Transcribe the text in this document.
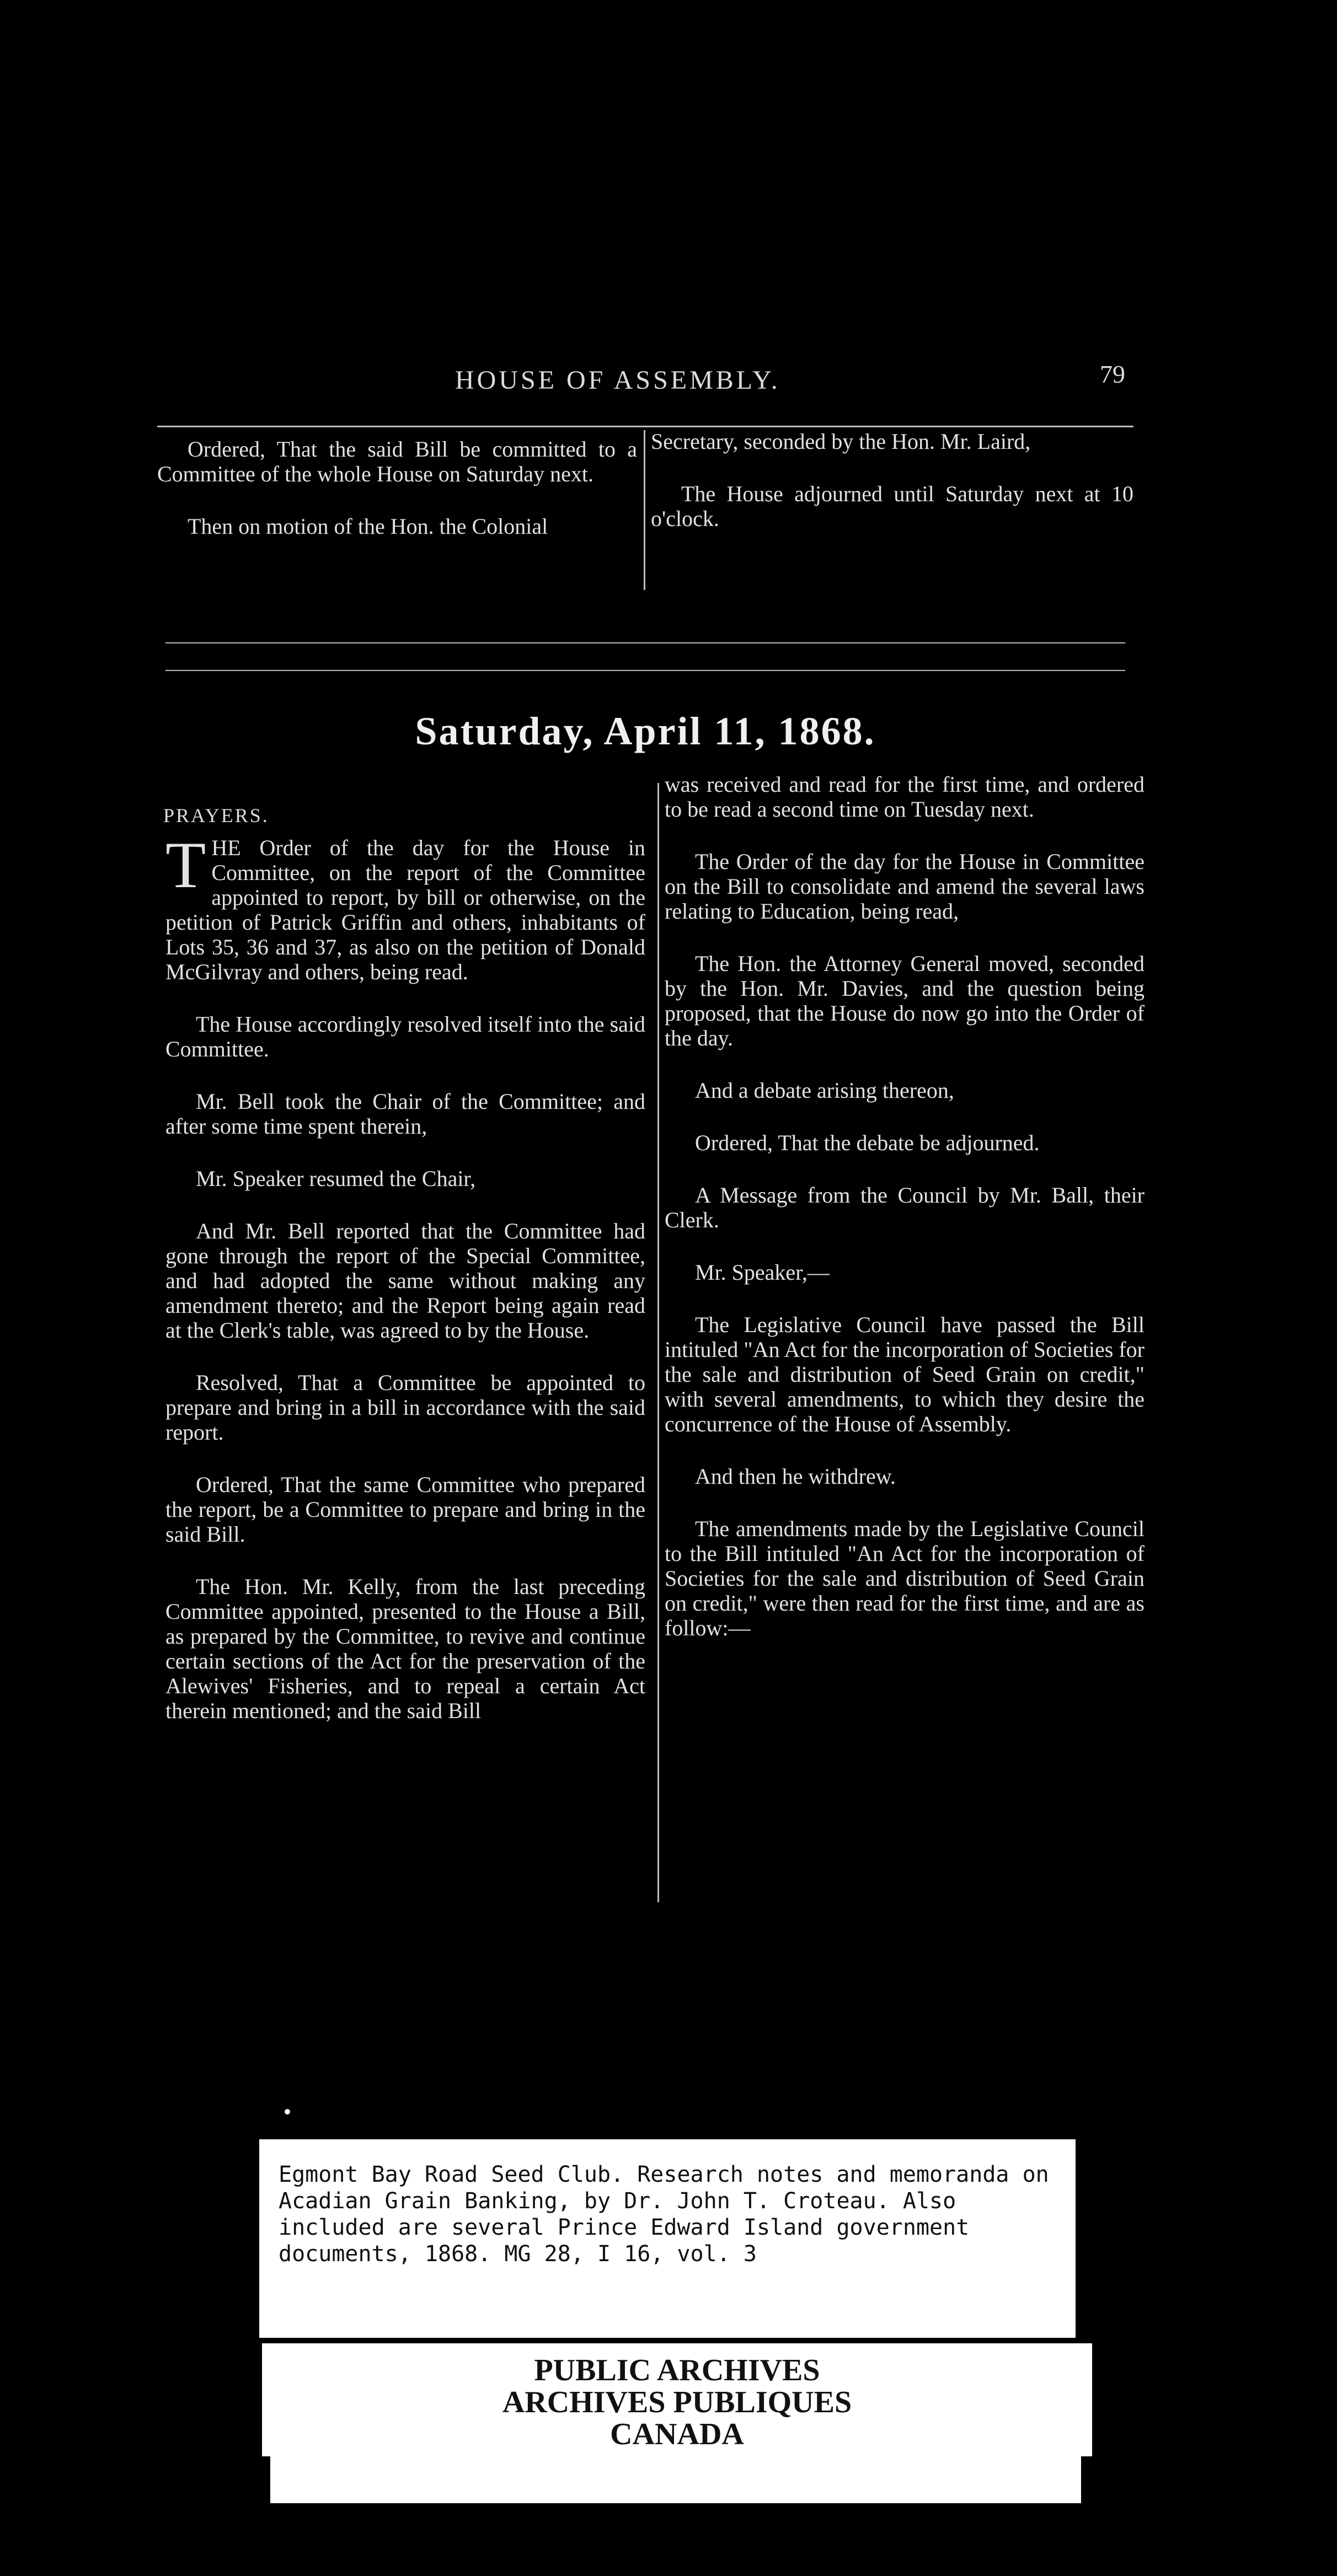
HOUSE OF ASSEMBLY.	79

Ordered, That the said Bill be committed to a Committee of the whole House on Saturday next.

Then on motion of the Hon. the Colonial

Secretary, seconded by the Hon. Mr. Laird,

The House adjourned until Saturday next at 10 o'clock.

Saturday, April 11, 1868.
PRAYERS.

THE Order of the day for the House in Committee, on the report of the Committee appointed to report, by bill or otherwise, on the petition of Patrick Griffin and others, inhabitants of Lots 35, 36 and 37, as also on the petition of Donald McGilvray and others, being read.

The House accordingly resolved itself into the said Committee.

Mr. Bell took the Chair of the Committee; and after some time spent therein,

Mr. Speaker resumed the Chair,

And Mr. Bell reported that the Committee had gone through the report of the Special Committee, and had adopted the same without making any amendment thereto; and the Report being again read at the Clerk's table, was agreed to by the House.

Resolved, That a Committee be appointed to prepare and bring in a bill in accordance with the said report.

Ordered, That the same Committee who prepared the report, be a Committee to prepare and bring in the said Bill.

The Hon. Mr. Kelly, from the last preceding Committee appointed, presented to the House a Bill, as prepared by the Committee, to revive and continue certain sections of the Act for the preservation of the Alewives' Fisheries, and to repeal a certain Act therein mentioned; and the said Bill

was received and read for the first time, and ordered to be read a second time on Tuesday next.

The Order of the day for the House in Committee on the Bill to consolidate and amend the several laws relating to Education, being read,

The Hon. the Attorney General moved, seconded by the Hon. Mr. Davies, and the question being proposed, that the House do now go into the Order of the day.

And a debate arising thereon,

Ordered, That the debate be adjourned.

A Message from the Council by Mr. Ball, their Clerk.

Mr. Speaker,—

The Legislative Council have passed the Bill intituled "An Act for the incorporation of Societies for the sale and distribution of Seed Grain on credit," with several amendments, to which they desire the concurrence of the House of Assembly.

And then he withdrew.

The amendments made by the Legislative Council to the Bill intituled "An Act for the incorporation of Societies for the sale and distribution of Seed Grain on credit," were then read for the first time, and are as follow:—

Egmont Bay Road Seed Club. Research notes and memoranda on Acadian Grain Banking, by Dr. John T. Croteau. Also included are several Prince Edward Island government documents, 1868. MG 28, I 16, vol. 3
PUBLIC ARCHIVES
ARCHIVES PUBLIQUES
CANADA
